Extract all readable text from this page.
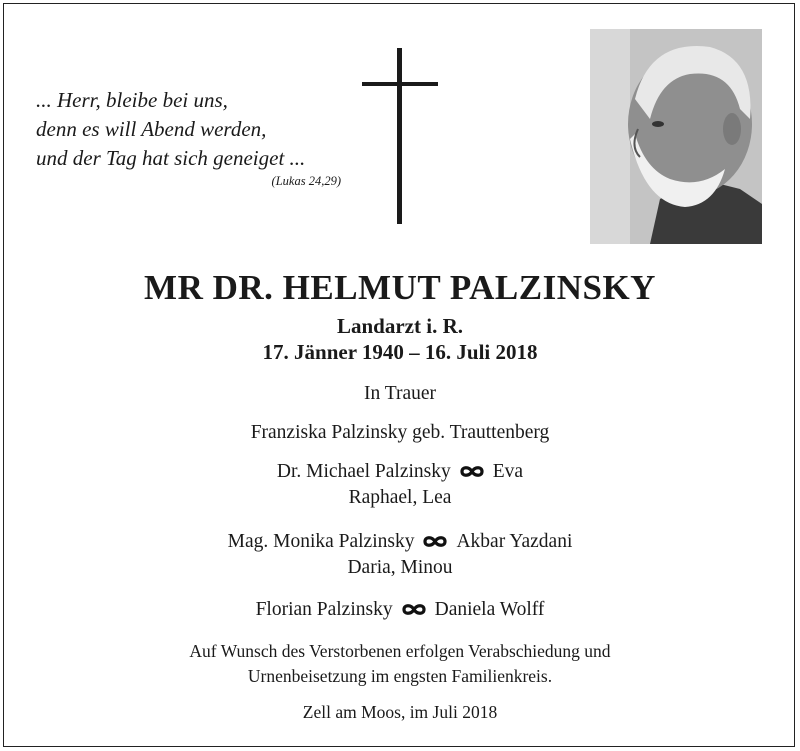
... Herr, bleibe bei uns,
denn es will Abend werden,
und der Tag hat sich geneiget ...
(Lukas 24,29)
MR DR. HELMUT PALZINSKY
Landarzt i. R.
17. Jänner 1940 – 16. Juli 2018
In Trauer
Franziska Palzinsky geb. Trauttenberg
Dr. Michael Palzinsky Eva
Raphael, Lea
Mag. Monika Palzinsky Akbar Yazdani
Daria, Minou
Florian Palzinsky Daniela Wolff
Auf Wunsch des Verstorbenen erfolgen Verabschiedung und
Urnenbeisetzung im engsten Familienkreis.
Zell am Moos, im Juli 2018
